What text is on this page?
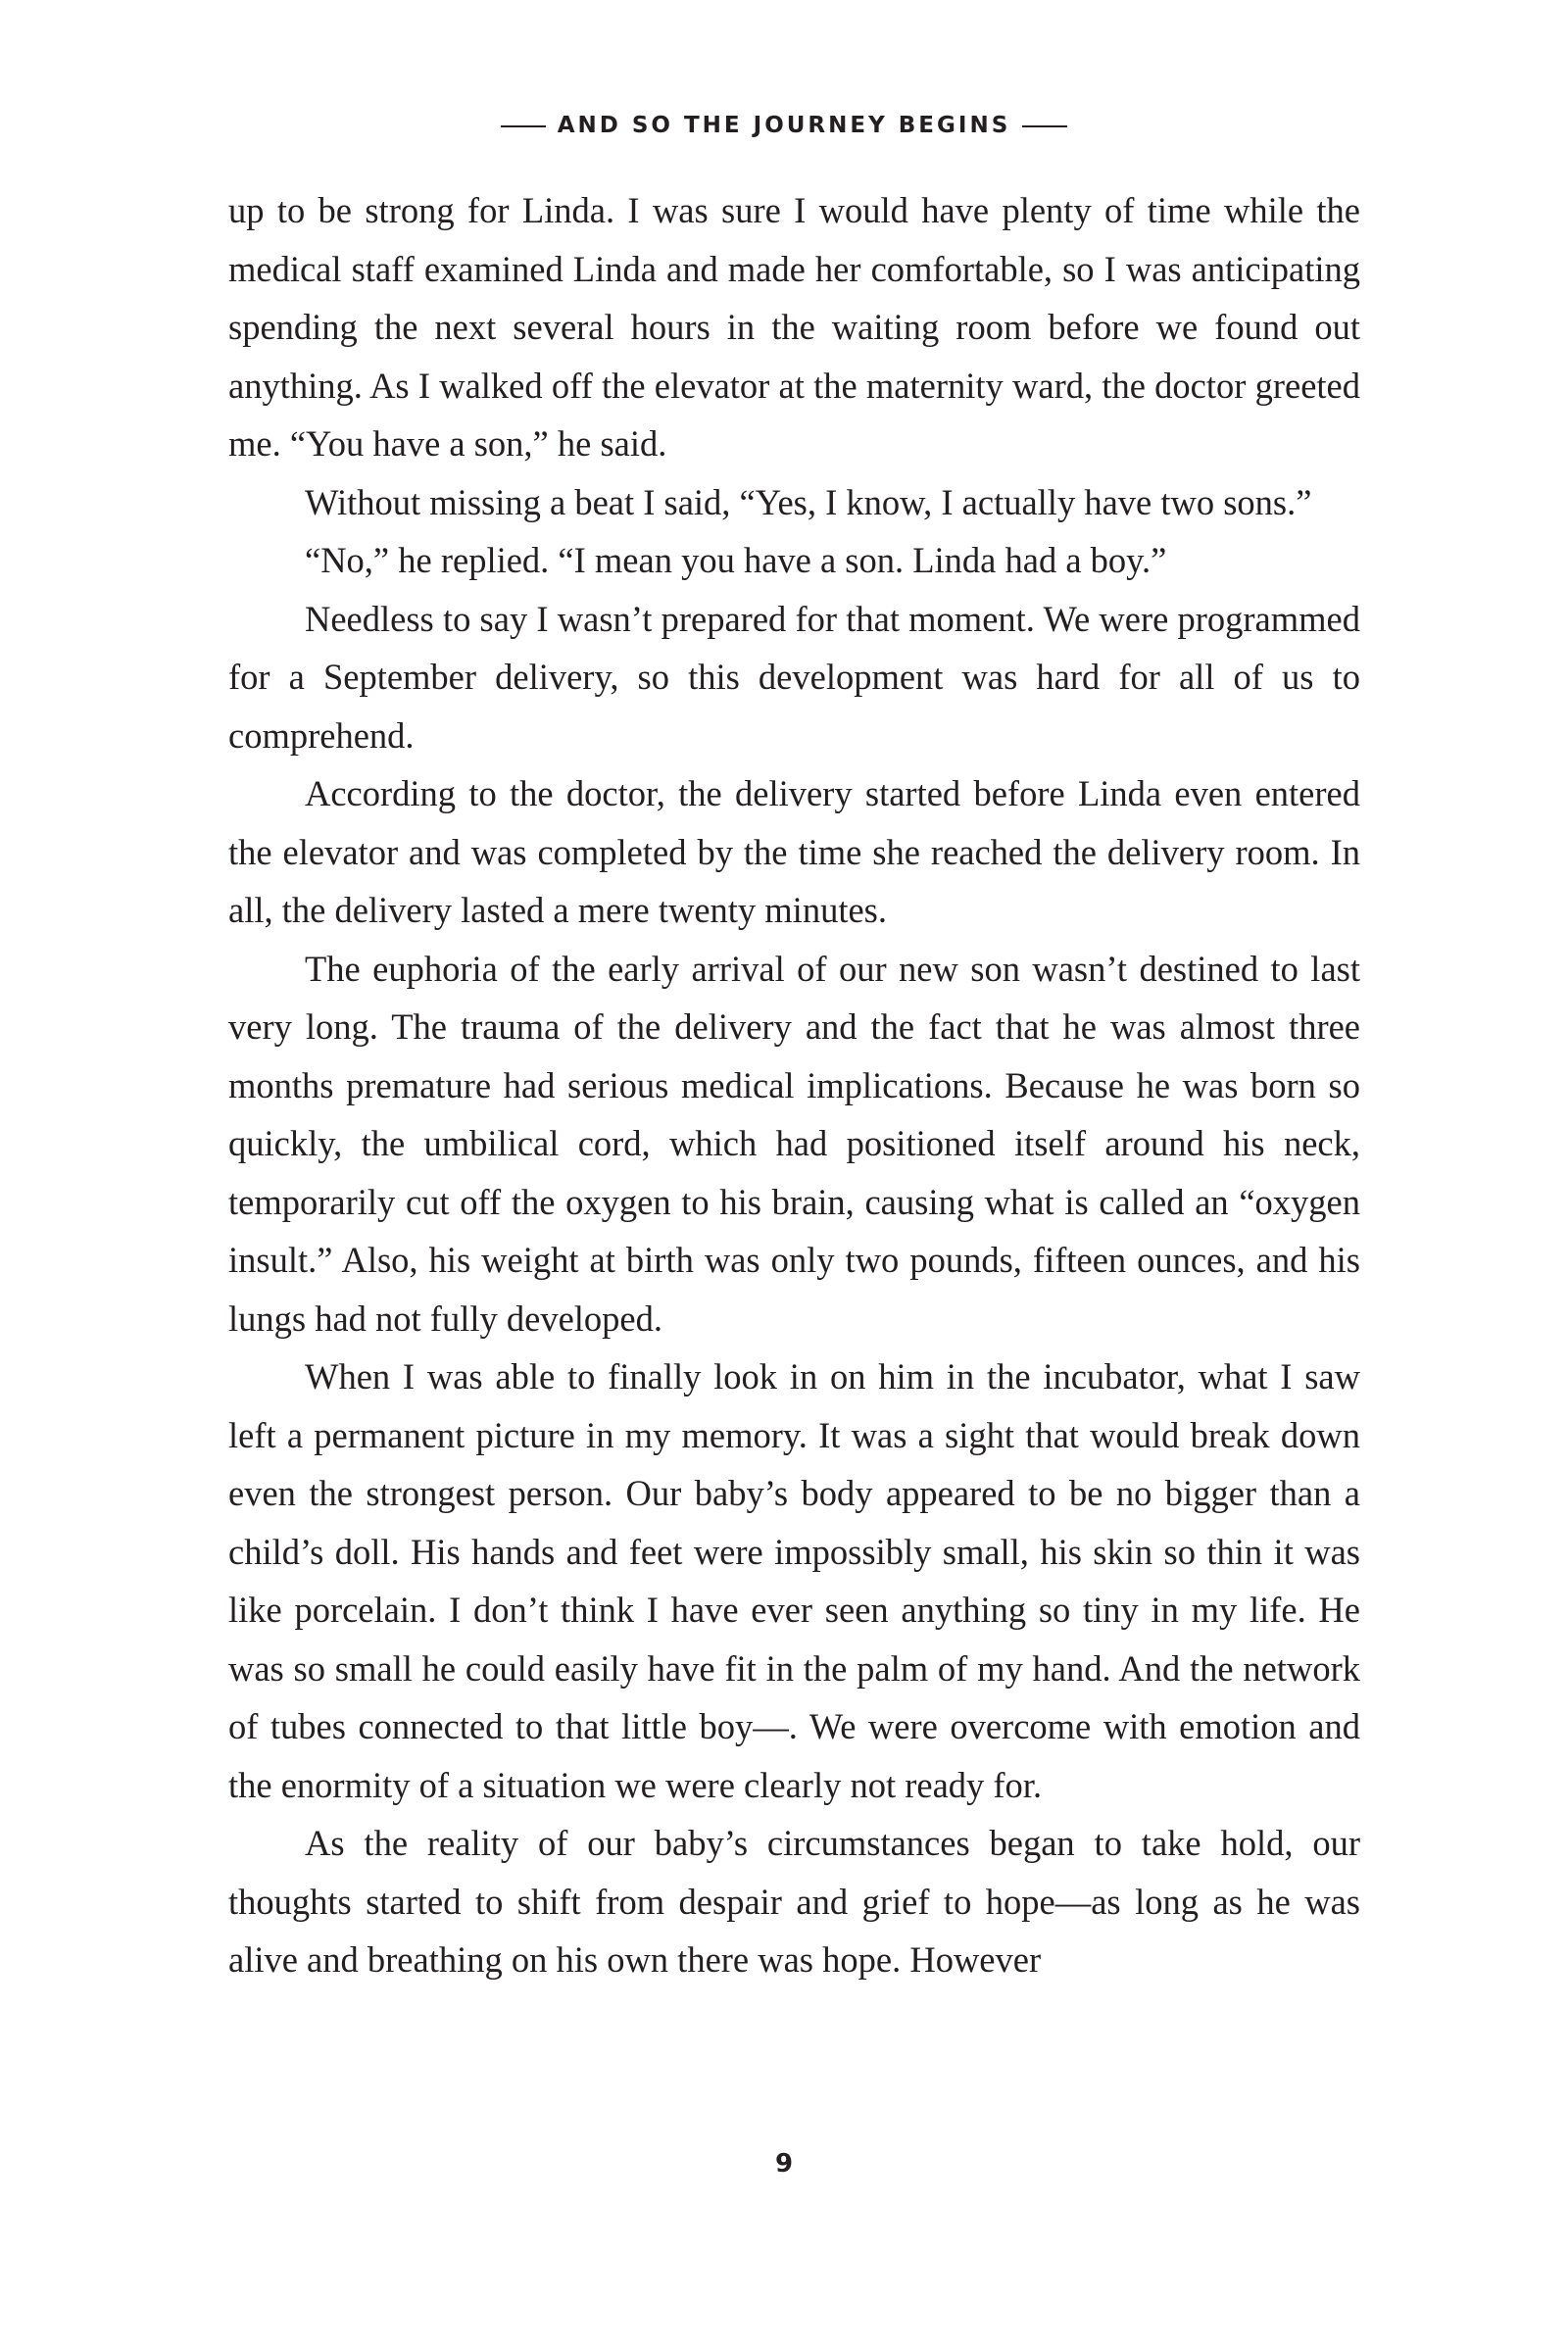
AND SO THE JOURNEY BEGINS

up to be strong for Linda. I was sure I would have plenty of time while the medical staff examined Linda and made her comfortable, so I was anticipating spending the next several hours in the waiting room before we found out anything. As I walked off the elevator at the maternity ward, the doctor greeted me. “You have a son,” he said.

Without missing a beat I said, “Yes, I know, I actually have two sons.”

“No,” he replied. “I mean you have a son. Linda had a boy.”

Needless to say I wasn’t prepared for that moment. We were programmed for a September delivery, so this development was hard for all of us to comprehend.

According to the doctor, the delivery started before Linda even entered the elevator and was completed by the time she reached the delivery room. In all, the delivery lasted a mere twenty minutes.

The euphoria of the early arrival of our new son wasn’t destined to last very long. The trauma of the delivery and the fact that he was almost three months premature had serious medical implications. Because he was born so quickly, the umbilical cord, which had positioned itself around his neck, temporarily cut off the oxygen to his brain, causing what is called an “oxygen insult.” Also, his weight at birth was only two pounds, fifteen ounces, and his lungs had not fully developed.

When I was able to finally look in on him in the incubator, what I saw left a permanent picture in my memory. It was a sight that would break down even the strongest person. Our baby’s body appeared to be no bigger than a child’s doll. His hands and feet were impossibly small, his skin so thin it was like porcelain. I don’t think I have ever seen anything so tiny in my life. He was so small he could easily have fit in the palm of my hand. And the network of tubes connected to that little boy—. We were overcome with emotion and the enormity of a situation we were clearly not ready for.

As the reality of our baby’s circumstances began to take hold, our thoughts started to shift from despair and grief to hope—as long as he was alive and breathing on his own there was hope. However

9
